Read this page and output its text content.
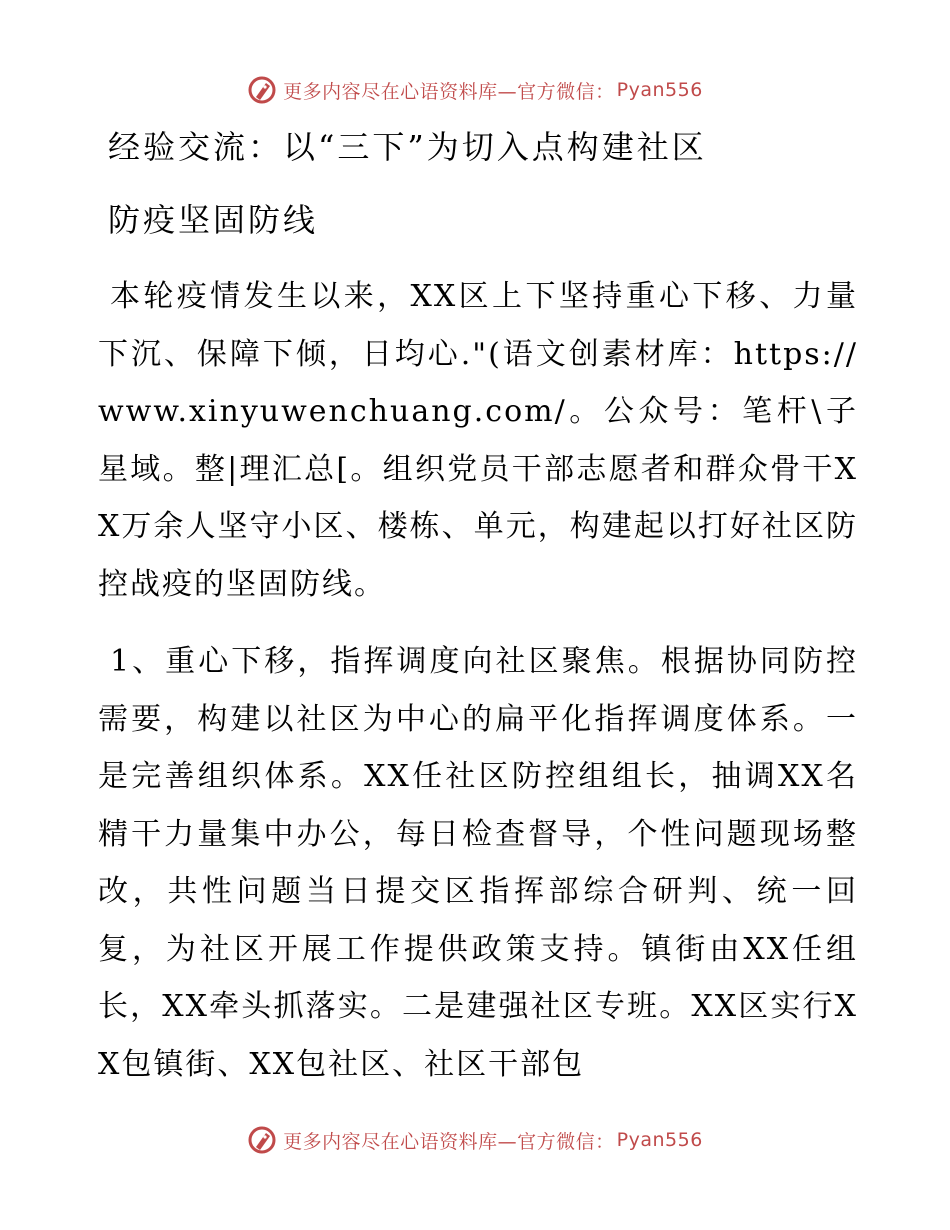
更多内容尽在心语资料库—官方微信： Pyan556
经验交流：以“三下”为切入点构建社区
防疫坚固防线
本轮疫情发生以来，XX区上下坚持重心下移、力量下沉、保障下倾，日均心."(语文创素材库：https://www.xinyuwenchuang.com/。公众号：笔杆\子星域。整|理汇总[。组织党员干部志愿者和群众骨干XX万余人坚守小区、楼栋、单元，构建起以打好社区防控战疫的坚固防线。
1、重心下移，指挥调度向社区聚焦。根据协同防控需要，构建以社区为中心的扁平化指挥调度体系。一是完善组织体系。XX任社区防控组组长，抽调XX名精干力量集中办公，每日检查督导，个性问题现场整改，共性问题当日提交区指挥部综合研判、统一回复，为社区开展工作提供政策支持。镇街由XX任组长，XX牵头抓落实。二是建强社区专班。XX区实行XX包镇街、XX包社区、社区干部包
更多内容尽在心语资料库—官方微信： Pyan556
